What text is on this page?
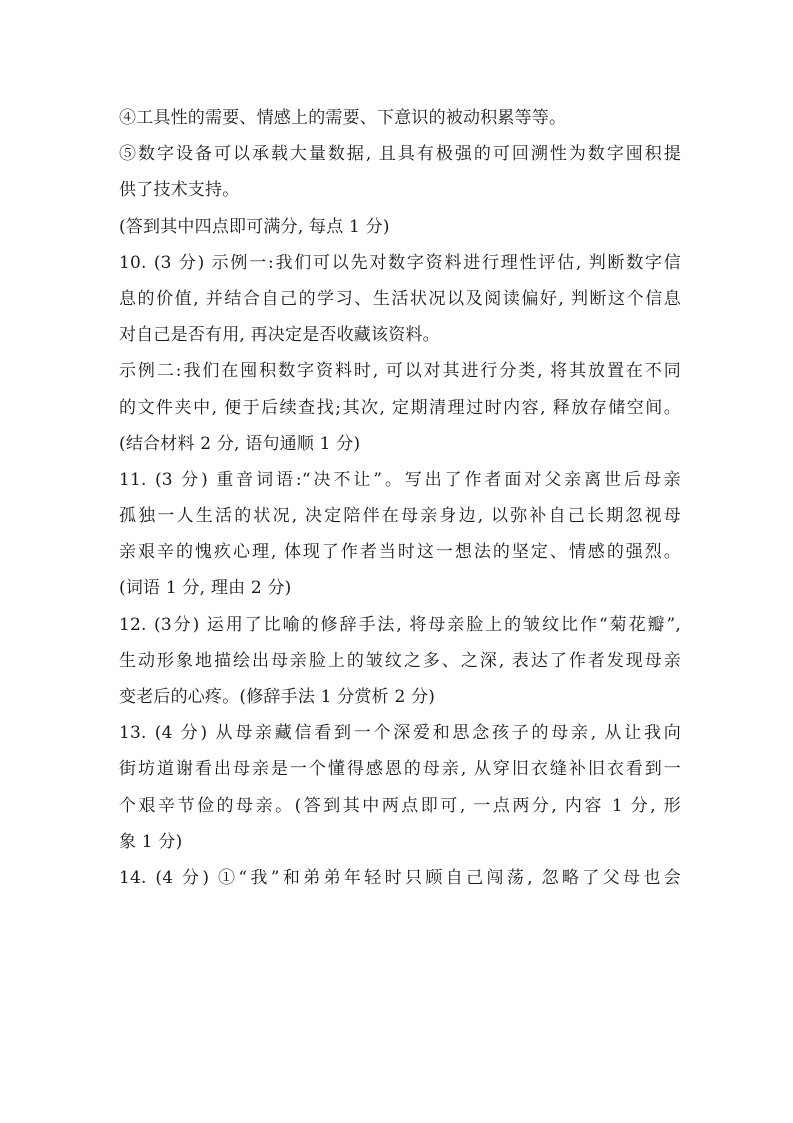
④工具性的需要、情感上的需要、下意识的被动积累等等。
⑤数字设备可以承载大量数据, 且具有极强的可回溯性为数字囤积提
供了技术支持。
(答到其中四点即可满分, 每点 1 分)
10. (3 分) 示例一:我们可以先对数字资料进行理性评估, 判断数字信
息的价值, 并结合自己的学习、生活状况以及阅读偏好, 判断这个信息
对自己是否有用, 再决定是否收藏该资料。
示例二:我们在囤积数字资料时, 可以对其进行分类, 将其放置在不同
的文件夹中, 便于后续查找;其次, 定期清理过时内容, 释放存储空间。
(结合材料 2 分, 语句通顺 1 分)
11. (3 分) 重音词语:“决不让”。写出了作者面对父亲离世后母亲
孤独一人生活的状况, 决定陪伴在母亲身边, 以弥补自己长期忽视母
亲艰辛的愧疚心理, 体现了作者当时这一想法的坚定、情感的强烈。
(词语 1 分, 理由 2 分)
12. (3分) 运用了比喻的修辞手法, 将母亲脸上的皱纹比作“菊花瓣”,
生动形象地描绘出母亲脸上的皱纹之多、之深, 表达了作者发现母亲
变老后的心疼。(修辞手法 1 分赏析 2 分)
13. (4 分) 从母亲藏信看到一个深爱和思念孩子的母亲, 从让我向
街坊道谢看出母亲是一个懂得感恩的母亲, 从穿旧衣缝补旧衣看到一
个艰辛节俭的母亲。(答到其中两点即可, 一点两分, 内容 1 分, 形
象 1 分)
14. (4 分) ①“我”和弟弟年轻时只顾自己闯荡, 忽略了父母也会
